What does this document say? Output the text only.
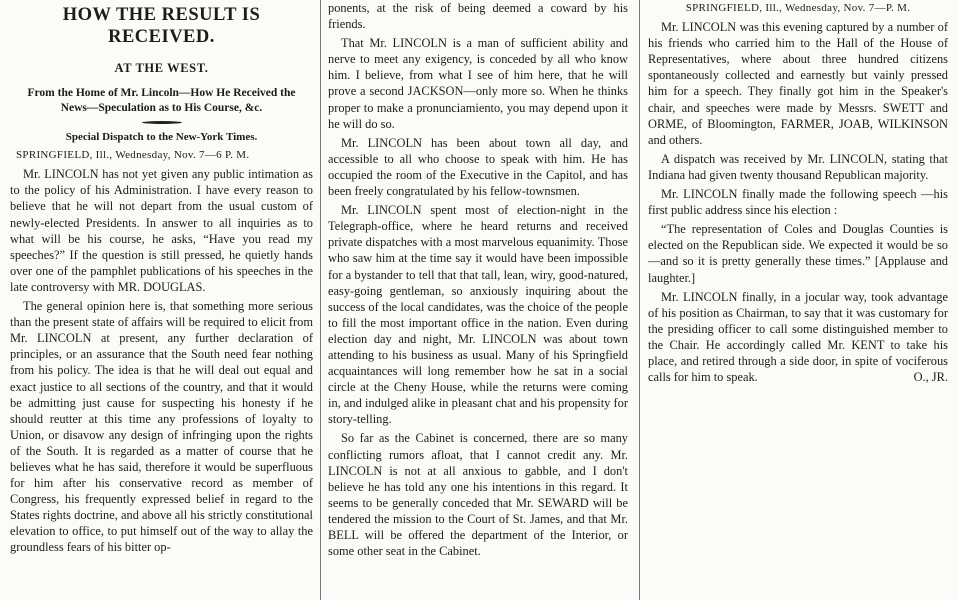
HOW THE RESULT IS RECEIVED.
AT THE WEST.
From the Home of Mr. Lincoln—How He Received the News—Speculation as to His Course, &c.
Special Dispatch to the New-York Times.
SPRINGFIELD, Ill., Wednesday, Nov. 7—6 P. M.

Mr. LINCOLN has not yet given any public intimation as to the policy of his Administration. I have every reason to believe that he will not depart from the usual custom of newly-elected Presidents. In answer to all inquiries as to what will be his course, he asks, “Have you read my speeches?” If the question is still pressed, he quietly hands over one of the pamphlet publications of his speeches in the late controversy with MR. DOUGLAS.

The general opinion here is, that something more serious than the present state of affairs will be required to elicit from Mr. LINCOLN at present, any further declaration of principles, or an assurance that the South need fear nothing from his policy. The idea is that he will deal out equal and exact justice to all sections of the country, and that it would be admitting just cause for suspecting his honesty if he should reutter at this time any professions of loyalty to Union, or disavow any design of infringing upon the rights of the South. It is regarded as a matter of course that he believes what he has said, therefore it would be superfluous for him after his conservative record as member of Congress, his frequently expressed belief in regard to the States rights doctrine, and above all his strictly constitutional elevation to office, to put himself out of the way to allay the groundless fears of his bitter op-

ponents, at the risk of being deemed a coward by his friends.

That Mr. LINCOLN is a man of sufficient ability and nerve to meet any exigency, is conceded by all who know him. I believe, from what I see of him here, that he will prove a second JACKSON—only more so. When he thinks proper to make a pronunciamiento, you may depend upon it he will do so.

Mr. LINCOLN has been about town all day, and accessible to all who choose to speak with him. He has occupied the room of the Executive in the Capitol, and has been freely congratulated by his fellow-townsmen.

Mr. LINCOLN spent most of election-night in the Telegraph-office, where he heard returns and received private dispatches with a most marvelous equanimity. Those who saw him at the time say it would have been impossible for a bystander to tell that that tall, lean, wiry, good-natured, easy-going gentleman, so anxiously inquiring about the success of the local candidates, was the choice of the people to fill the most important office in the nation. Even during election day and night, Mr. LINCOLN was about town attending to his business as usual. Many of his Springfield acquaintances will long remember how he sat in a social circle at the Cheny House, while the returns were coming in, and indulged alike in pleasant chat and his propensity for story-telling.

So far as the Cabinet is concerned, there are so many conflicting rumors afloat, that I cannot credit any. Mr. LINCOLN is not at all anxious to gabble, and I don't believe he has told any one his intentions in this regard. It seems to be generally conceded that Mr. SEWARD will be tendered the mission to the Court of St. James, and that Mr. BELL will be offered the department of the Interior, or some other seat in the Cabinet.

SPRINGFIELD, Ill., Wednesday, Nov. 7—P. M.

Mr. LINCOLN was this evening captured by a number of his friends who carried him to the Hall of the House of Representatives, where about three hundred citizens spontaneously collected and earnestly but vainly pressed him for a speech. They finally got him in the Speaker's chair, and speeches were made by Messrs. SWETT and ORME, of Bloomington, FARMER, JOAB, WILKINSON and others.

A dispatch was received by Mr. LINCOLN, stating that Indiana had given twenty thousand Republican majority.

Mr. LINCOLN finally made the following speech —his first public address since his election :

“The representation of Coles and Douglas Counties is elected on the Republican side. We expected it would be so—and so it is pretty generally these times.” [Applause and laughter.]

Mr. LINCOLN finally, in a jocular way, took advantage of his position as Chairman, to say that it was customary for the presiding officer to call some distinguished member to the Chair. He accordingly called Mr. KENT to take his place, and retired through a side door, in spite of vociferous calls for him to speak.	O., JR.
